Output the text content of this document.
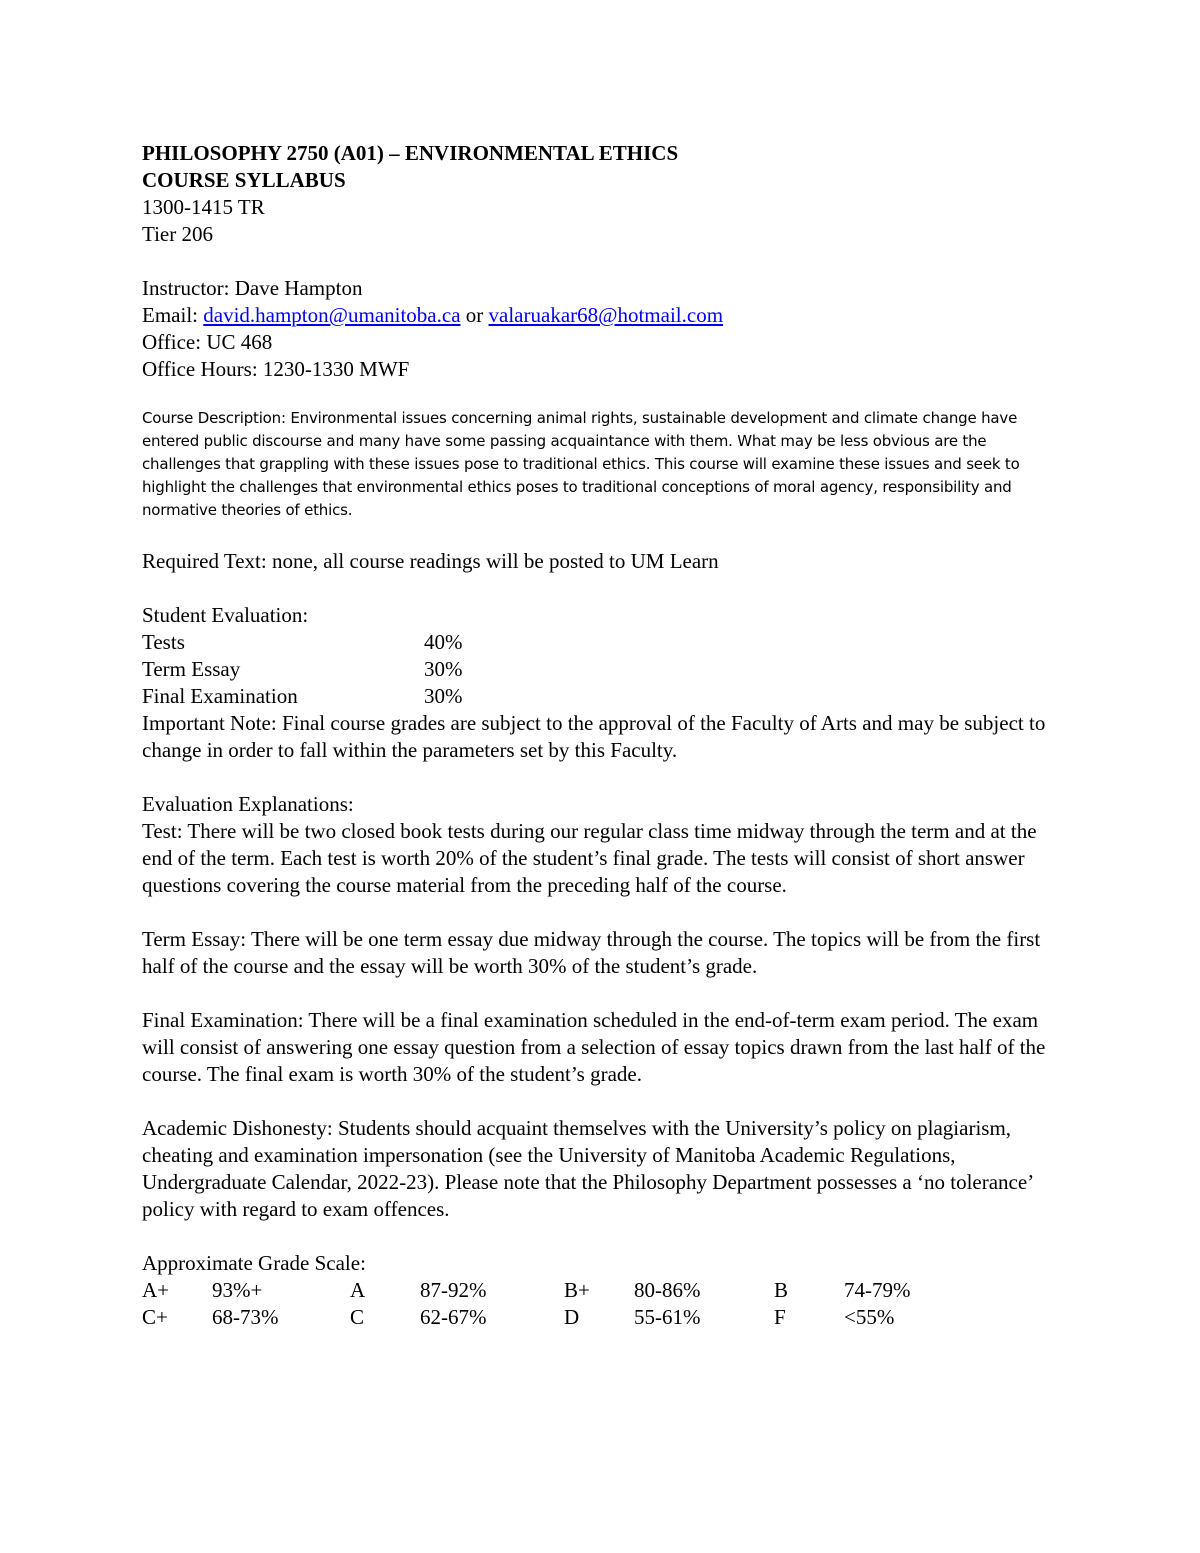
PHILOSOPHY 2750 (A01) – ENVIRONMENTAL ETHICS

COURSE SYLLABUS

1300-1415 TR

Tier 206

Instructor: Dave Hampton

Email: david.hampton@umanitoba.ca or valaruakar68@hotmail.com

Office: UC 468

Office Hours: 1230-1330 MWF

Course Description: Environmental issues concerning animal rights, sustainable development and climate change have entered public discourse and many have some passing acquaintance with them. What may be less obvious are the challenges that grappling with these issues pose to traditional ethics. This course will examine these issues and seek to highlight the challenges that environmental ethics poses to traditional conceptions of moral agency, responsibility and normative theories of ethics.

Required Text: none, all course readings will be posted to UM Learn

Student Evaluation:

Tests	40%
Term Essay	30%
Final Examination	30%

Important Note: Final course grades are subject to the approval of the Faculty of Arts and may be subject to change in order to fall within the parameters set by this Faculty.

Evaluation Explanations:

Test: There will be two closed book tests during our regular class time midway through the term and at the end of the term. Each test is worth 20% of the student’s final grade. The tests will consist of short answer questions covering the course material from the preceding half of the course.

Term Essay: There will be one term essay due midway through the course. The topics will be from the first half of the course and the essay will be worth 30% of the student’s grade.

Final Examination: There will be a final examination scheduled in the end-of-term exam period. The exam will consist of answering one essay question from a selection of essay topics drawn from the last half of the course. The final exam is worth 30% of the student’s grade.

Academic Dishonesty: Students should acquaint themselves with the University’s policy on plagiarism, cheating and examination impersonation (see the University of Manitoba Academic Regulations, Undergraduate Calendar, 2022-23). Please note that the Philosophy Department possesses a ‘no tolerance’ policy with regard to exam offences.

Approximate Grade Scale:

A+	93%+	A	87-92%	B+	80-86%	B	74-79%
C+	68-73%	C	62-67%	D	55-61%	F	<55%
